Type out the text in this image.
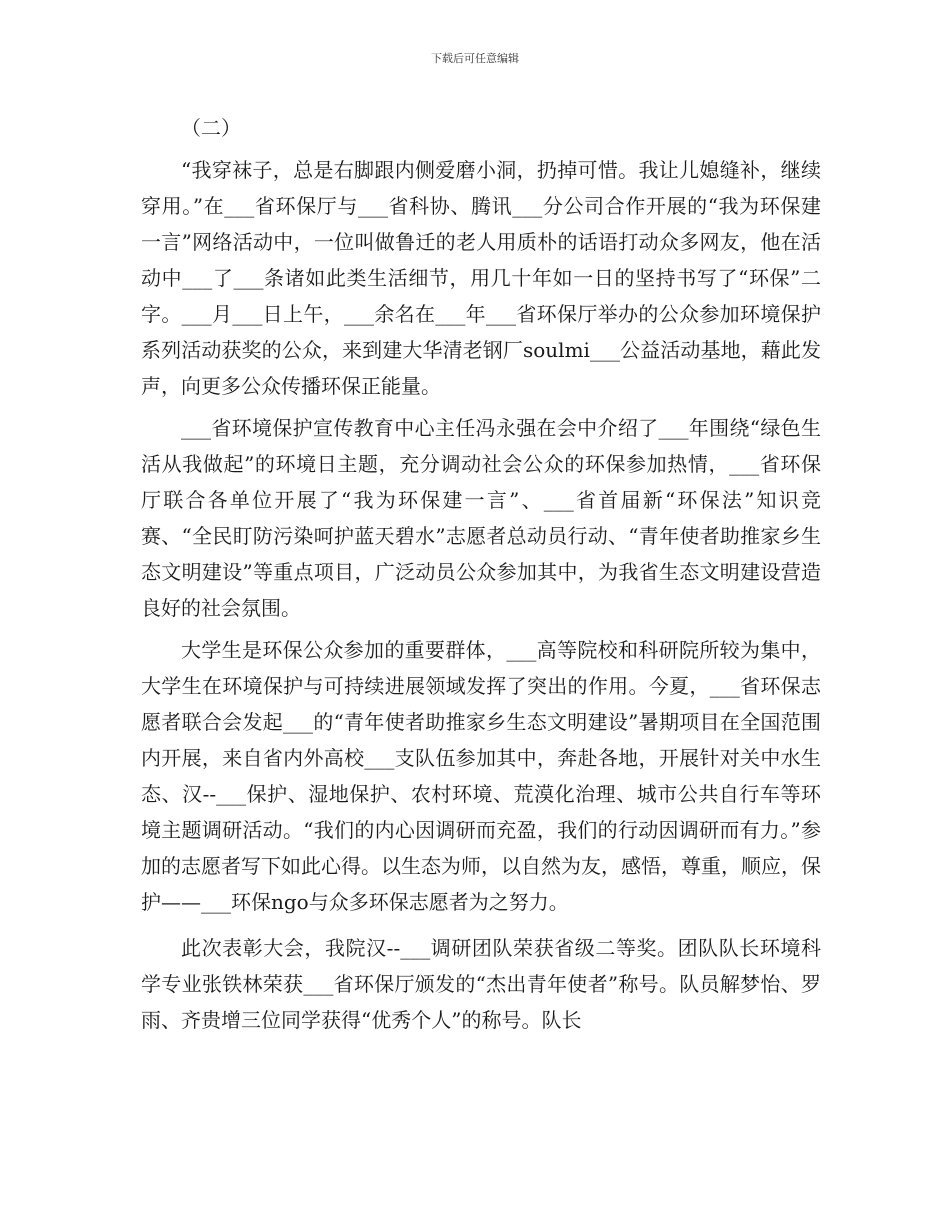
下载后可任意编辑

（二）

“我穿袜子，总是右脚跟内侧爱磨小洞，扔掉可惜。我让儿媳缝补，继续穿用。”在___省环保厅与___省科协、腾讯___分公司合作开展的“我为环保建一言”网络活动中，一位叫做鲁迁的老人用质朴的话语打动众多网友，他在活动中___了___条诸如此类生活细节，用几十年如一日的坚持书写了“环保”二字。___月___日上午，___余名在___年___省环保厅举办的公众参加环境保护系列活动获奖的公众，来到建大华清老钢厂soulmi___公益活动基地，藉此发声，向更多公众传播环保正能量。

___省环境保护宣传教育中心主任冯永强在会中介绍了___年围绕“绿色生活从我做起”的环境日主题，充分调动社会公众的环保参加热情，___省环保厅联合各单位开展了“我为环保建一言”、___省首届新“环保法”知识竞赛、“全民盯防污染呵护蓝天碧水”志愿者总动员行动、“青年使者助推家乡生态文明建设”等重点项目，广泛动员公众参加其中，为我省生态文明建设营造良好的社会氛围。

大学生是环保公众参加的重要群体，___高等院校和科研院所较为集中，大学生在环境保护与可持续进展领域发挥了突出的作用。今夏，___省环保志愿者联合会发起___的“青年使者助推家乡生态文明建设”暑期项目在全国范围内开展，来自省内外高校___支队伍参加其中，奔赴各地，开展针对关中水生态、汉--___保护、湿地保护、农村环境、荒漠化治理、城市公共自行车等环境主题调研活动。“我们的内心因调研而充盈，我们的行动因调研而有力。”参加的志愿者写下如此心得。以生态为师，以自然为友，感悟，尊重，顺应，保护——___环保ngo与众多环保志愿者为之努力。

此次表彰大会，我院汉--___调研团队荣获省级二等奖。团队队长环境科学专业张铁林荣获___省环保厅颁发的“杰出青年使者”称号。队员解梦怡、罗雨、齐贵增三位同学获得“优秀个人”的称号。队长
